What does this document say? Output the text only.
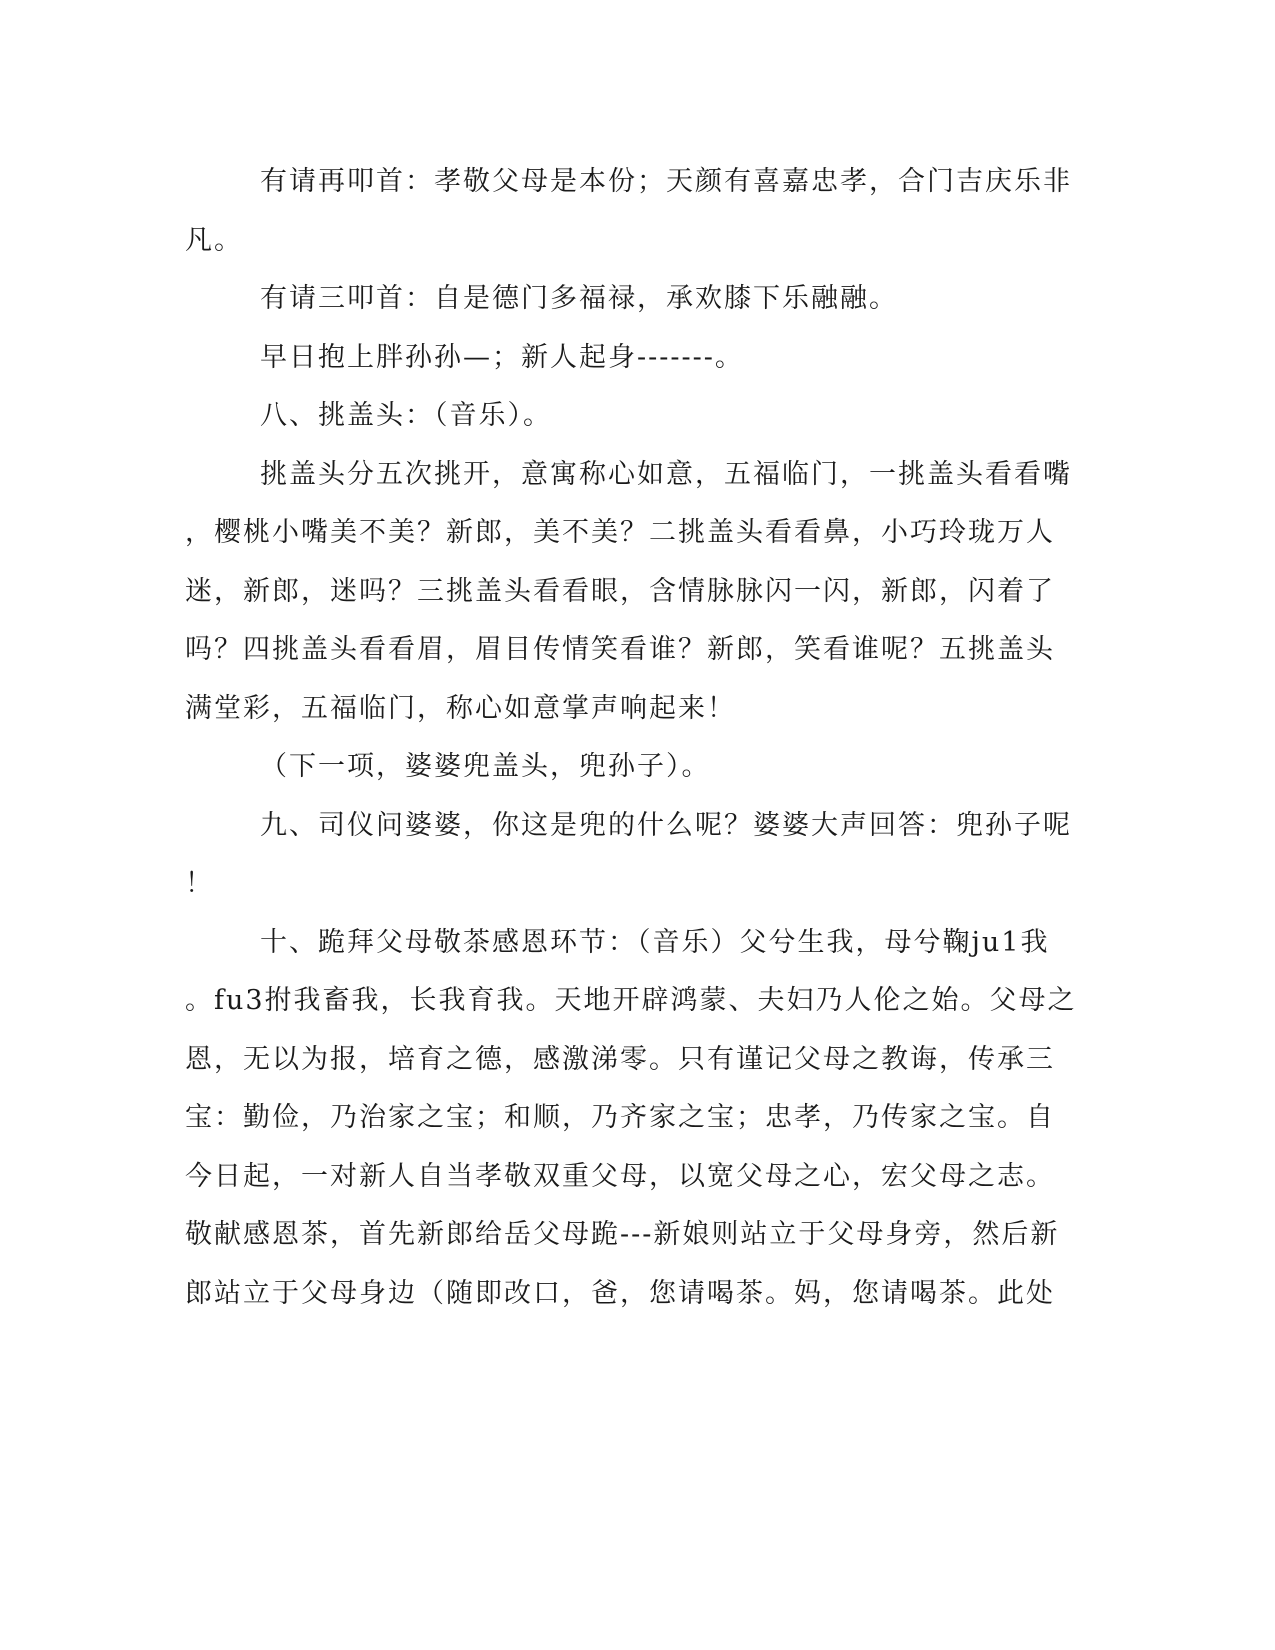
有请再叩首：孝敬父母是本份；天颜有喜嘉忠孝，合门吉庆乐非
凡。
有请三叩首：自是德门多福禄，承欢膝下乐融融。
早日抱上胖孙孙—；新人起身-------。
八、挑盖头：（音乐）。
挑盖头分五次挑开，意寓称心如意，五福临门，一挑盖头看看嘴
，樱桃小嘴美不美？新郎，美不美？二挑盖头看看鼻，小巧玲珑万人
迷，新郎，迷吗？三挑盖头看看眼，含情脉脉闪一闪，新郎，闪着了
吗？四挑盖头看看眉，眉目传情笑看谁？新郎，笑看谁呢？五挑盖头
满堂彩，五福临门，称心如意掌声响起来！
（下一项，婆婆兜盖头，兜孙子）。
九、司仪问婆婆，你这是兜的什么呢？婆婆大声回答：兜孙子呢
！
十、跪拜父母敬茶感恩环节：（音乐）父兮生我，母兮鞠ju1我
。fu3拊我畜我，长我育我。天地开辟鸿蒙、夫妇乃人伦之始。父母之
恩，无以为报，培育之德，感激涕零。只有谨记父母之教诲，传承三
宝：勤俭，乃治家之宝；和顺，乃齐家之宝；忠孝，乃传家之宝。自
今日起，一对新人自当孝敬双重父母，以宽父母之心，宏父母之志。
敬献感恩茶，首先新郎给岳父母跪---新娘则站立于父母身旁，然后新
郎站立于父母身边（随即改口，爸，您请喝茶。妈，您请喝茶。此处
